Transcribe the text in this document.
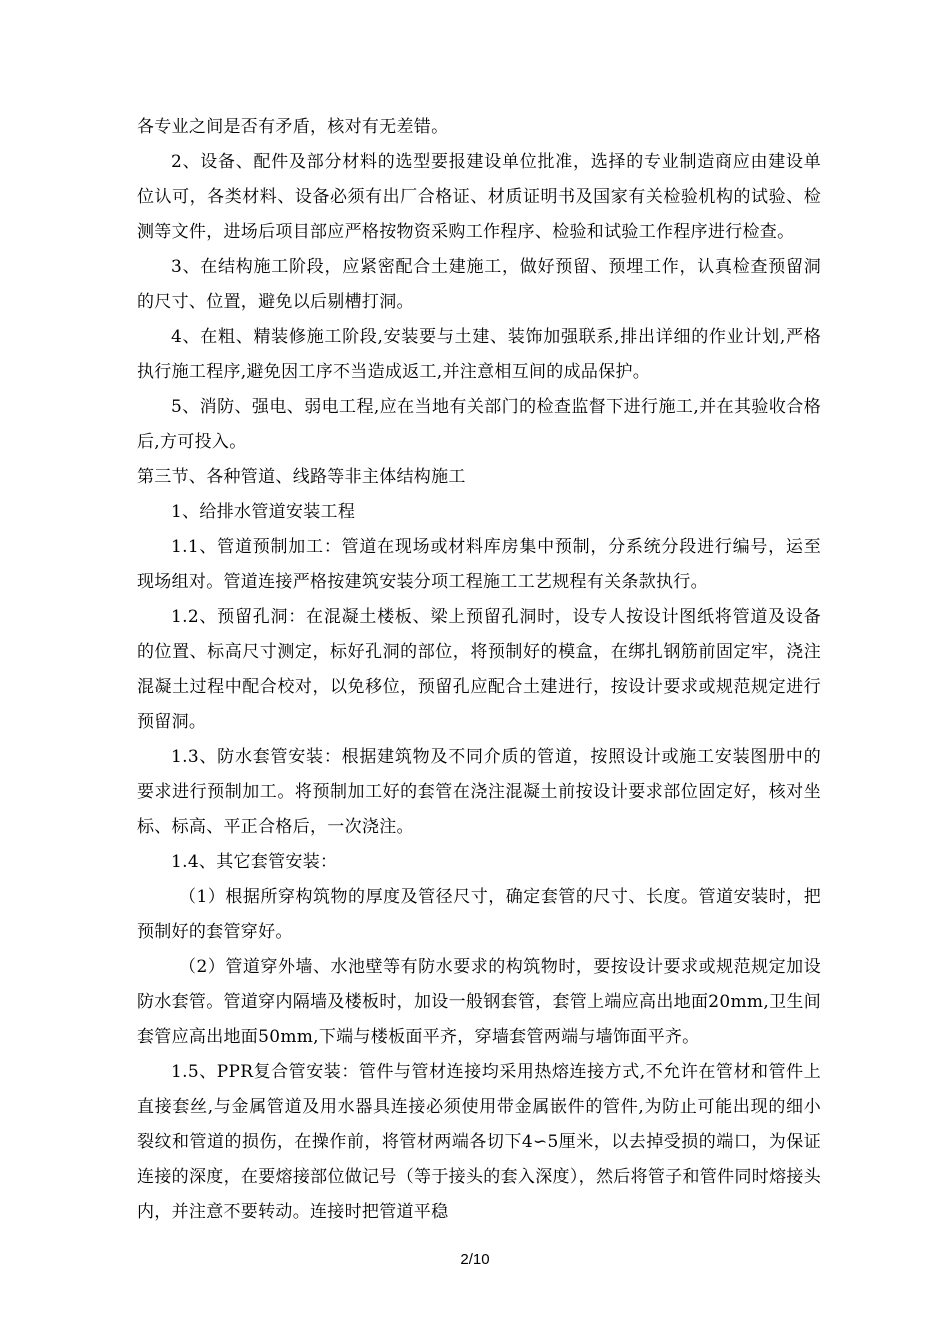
各专业之间是否有矛盾，核对有无差错。

2、设备、配件及部分材料的选型要报建设单位批准，选择的专业制造商应由建设单位认可，各类材料、设备必须有出厂合格证、材质证明书及国家有关检验机构的试验、检测等文件，进场后项目部应严格按物资采购工作程序、检验和试验工作程序进行检查。

3、在结构施工阶段，应紧密配合土建施工，做好预留、预埋工作，认真检查预留洞的尺寸、位置，避免以后剔槽打洞。

4、在粗、精装修施工阶段,安装要与土建、装饰加强联系,排出详细的作业计划,严格执行施工程序,避免因工序不当造成返工,并注意相互间的成品保护。

5、消防、强电、弱电工程,应在当地有关部门的检查监督下进行施工,并在其验收合格后,方可投入。

第三节、各种管道、线路等非主体结构施工

1、给排水管道安装工程

1.1、管道预制加工：管道在现场或材料库房集中预制，分系统分段进行编号，运至现场组对。管道连接严格按建筑安装分项工程施工工艺规程有关条款执行。

1.2、预留孔洞：在混凝土楼板、梁上预留孔洞时，设专人按设计图纸将管道及设备的位置、标高尺寸测定，标好孔洞的部位，将预制好的模盒，在绑扎钢筋前固定牢，浇注混凝土过程中配合校对，以免移位，预留孔应配合土建进行，按设计要求或规范规定进行预留洞。

1.3、防水套管安装：根据建筑物及不同介质的管道，按照设计或施工安装图册中的要求进行预制加工。将预制加工好的套管在浇注混凝土前按设计要求部位固定好，核对坐标、标高、平正合格后，一次浇注。

1.4、其它套管安装：

（1）根据所穿构筑物的厚度及管径尺寸，确定套管的尺寸、长度。管道安装时，把预制好的套管穿好。

（2）管道穿外墙、水池壁等有防水要求的构筑物时，要按设计要求或规范规定加设防水套管。管道穿内隔墙及楼板时，加设一般钢套管，套管上端应高出地面20mm,卫生间套管应高出地面50mm,下端与楼板面平齐，穿墙套管两端与墙饰面平齐。

1.5、PPR复合管安装：管件与管材连接均采用热熔连接方式,不允许在管材和管件上直接套丝,与金属管道及用水器具连接必须使用带金属嵌件的管件,为防止可能出现的细小裂纹和管道的损伤，在操作前，将管材两端各切下4∽5厘米，以去掉受损的端口，为保证连接的深度，在要熔接部位做记号（等于接头的套入深度），然后将管子和管件同时熔接头内，并注意不要转动。连接时把管道平稳

2/10
